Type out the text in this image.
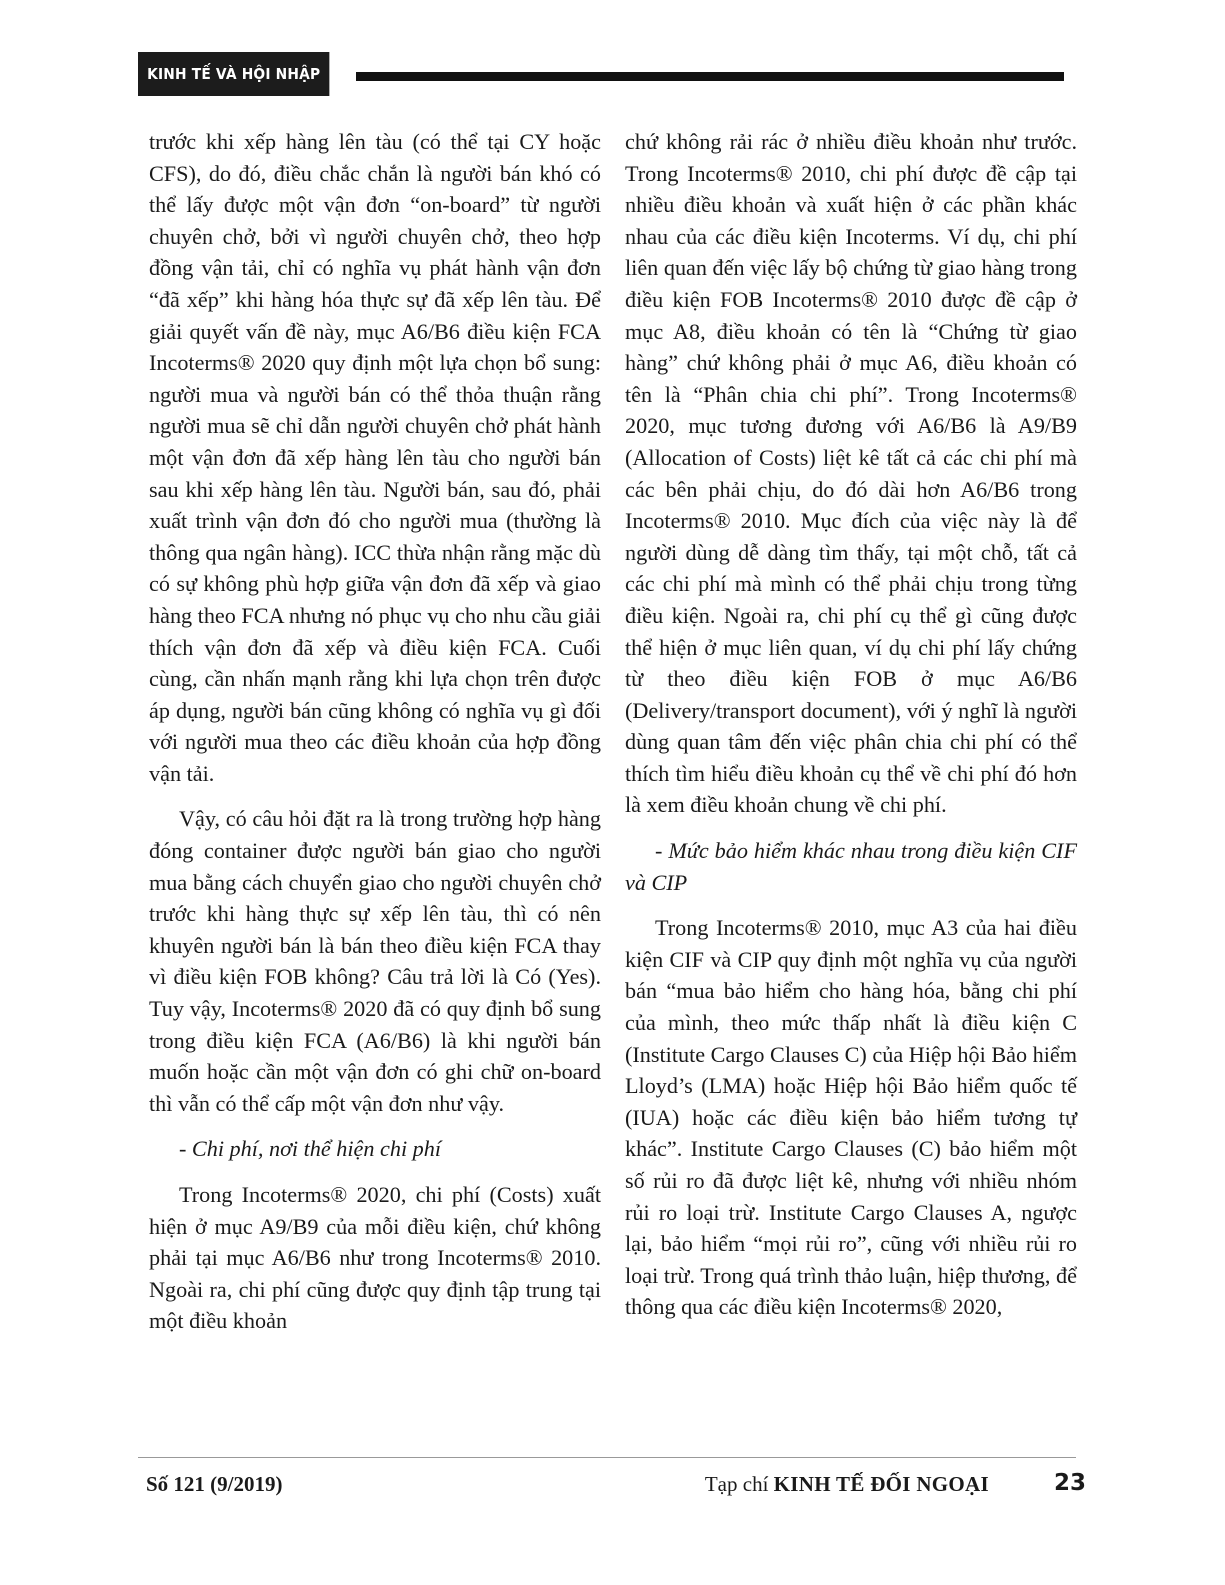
KINH TẾ VÀ HỘI NHẬP

trước khi xếp hàng lên tàu (có thể tại CY hoặc CFS), do đó, điều chắc chắn là người bán khó có thể lấy được một vận đơn “on-board” từ người chuyên chở, bởi vì người chuyên chở, theo hợp đồng vận tải, chỉ có nghĩa vụ phát hành vận đơn “đã xếp” khi hàng hóa thực sự đã xếp lên tàu. Để giải quyết vấn đề này, mục A6/B6 điều kiện FCA Incoterms® 2020 quy định một lựa chọn bổ sung: người mua và người bán có thể thỏa thuận rằng người mua sẽ chỉ dẫn người chuyên chở phát hành một vận đơn đã xếp hàng lên tàu cho người bán sau khi xếp hàng lên tàu. Người bán, sau đó, phải xuất trình vận đơn đó cho người mua (thường là thông qua ngân hàng). ICC thừa nhận rằng mặc dù có sự không phù hợp giữa vận đơn đã xếp và giao hàng theo FCA nhưng nó phục vụ cho nhu cầu giải thích vận đơn đã xếp và điều kiện FCA. Cuối cùng, cần nhấn mạnh rằng khi lựa chọn trên được áp dụng, người bán cũng không có nghĩa vụ gì đối với người mua theo các điều khoản của hợp đồng vận tải.

Vậy, có câu hỏi đặt ra là trong trường hợp hàng đóng container được người bán giao cho người mua bằng cách chuyển giao cho người chuyên chở trước khi hàng thực sự xếp lên tàu, thì có nên khuyên người bán là bán theo điều kiện FCA thay vì điều kiện FOB không? Câu trả lời là Có (Yes). Tuy vậy, Incoterms® 2020 đã có quy định bổ sung trong điều kiện FCA (A6/B6) là khi người bán muốn hoặc cần một vận đơn có ghi chữ on-board thì vẫn có thể cấp một vận đơn như vậy.

- Chi phí, nơi thể hiện chi phí

Trong Incoterms® 2020, chi phí (Costs) xuất hiện ở mục A9/B9 của mỗi điều kiện, chứ không phải tại mục A6/B6 như trong Incoterms® 2010. Ngoài ra, chi phí cũng được quy định tập trung tại một điều khoản

chứ không rải rác ở nhiều điều khoản như trước. Trong Incoterms® 2010, chi phí được đề cập tại nhiều điều khoản và xuất hiện ở các phần khác nhau của các điều kiện Incoterms. Ví dụ, chi phí liên quan đến việc lấy bộ chứng từ giao hàng trong điều kiện FOB Incoterms® 2010 được đề cập ở mục A8, điều khoản có tên là “Chứng từ giao hàng” chứ không phải ở mục A6, điều khoản có tên là “Phân chia chi phí”. Trong Incoterms® 2020, mục tương đương với A6/B6 là A9/B9 (Allocation of Costs) liệt kê tất cả các chi phí mà các bên phải chịu, do đó dài hơn A6/B6 trong Incoterms® 2010. Mục đích của việc này là để người dùng dễ dàng tìm thấy, tại một chỗ, tất cả các chi phí mà mình có thể phải chịu trong từng điều kiện. Ngoài ra, chi phí cụ thể gì cũng được thể hiện ở mục liên quan, ví dụ chi phí lấy chứng từ theo điều kiện FOB ở mục A6/B6 (Delivery/transport document), với ý nghĩ là người dùng quan tâm đến việc phân chia chi phí có thể thích tìm hiểu điều khoản cụ thể về chi phí đó hơn là xem điều khoản chung về chi phí.

- Mức bảo hiểm khác nhau trong điều kiện CIF và CIP

Trong Incoterms® 2010, mục A3 của hai điều kiện CIF và CIP quy định một nghĩa vụ của người bán “mua bảo hiểm cho hàng hóa, bằng chi phí của mình, theo mức thấp nhất là điều kiện C (Institute Cargo Clauses C) của Hiệp hội Bảo hiểm Lloyd’s (LMA) hoặc Hiệp hội Bảo hiểm quốc tế (IUA) hoặc các điều kiện bảo hiểm tương tự khác”. Institute Cargo Clauses (C) bảo hiểm một số rủi ro đã được liệt kê, nhưng với nhiều nhóm rủi ro loại trừ. Institute Cargo Clauses A, ngược lại, bảo hiểm “mọi rủi ro”, cũng với nhiều rủi ro loại trừ. Trong quá trình thảo luận, hiệp thương, để thông qua các điều kiện Incoterms® 2020,

Số 121 (9/2019)	Tạp chí KINH TẾ ĐỐI NGOẠI	23
